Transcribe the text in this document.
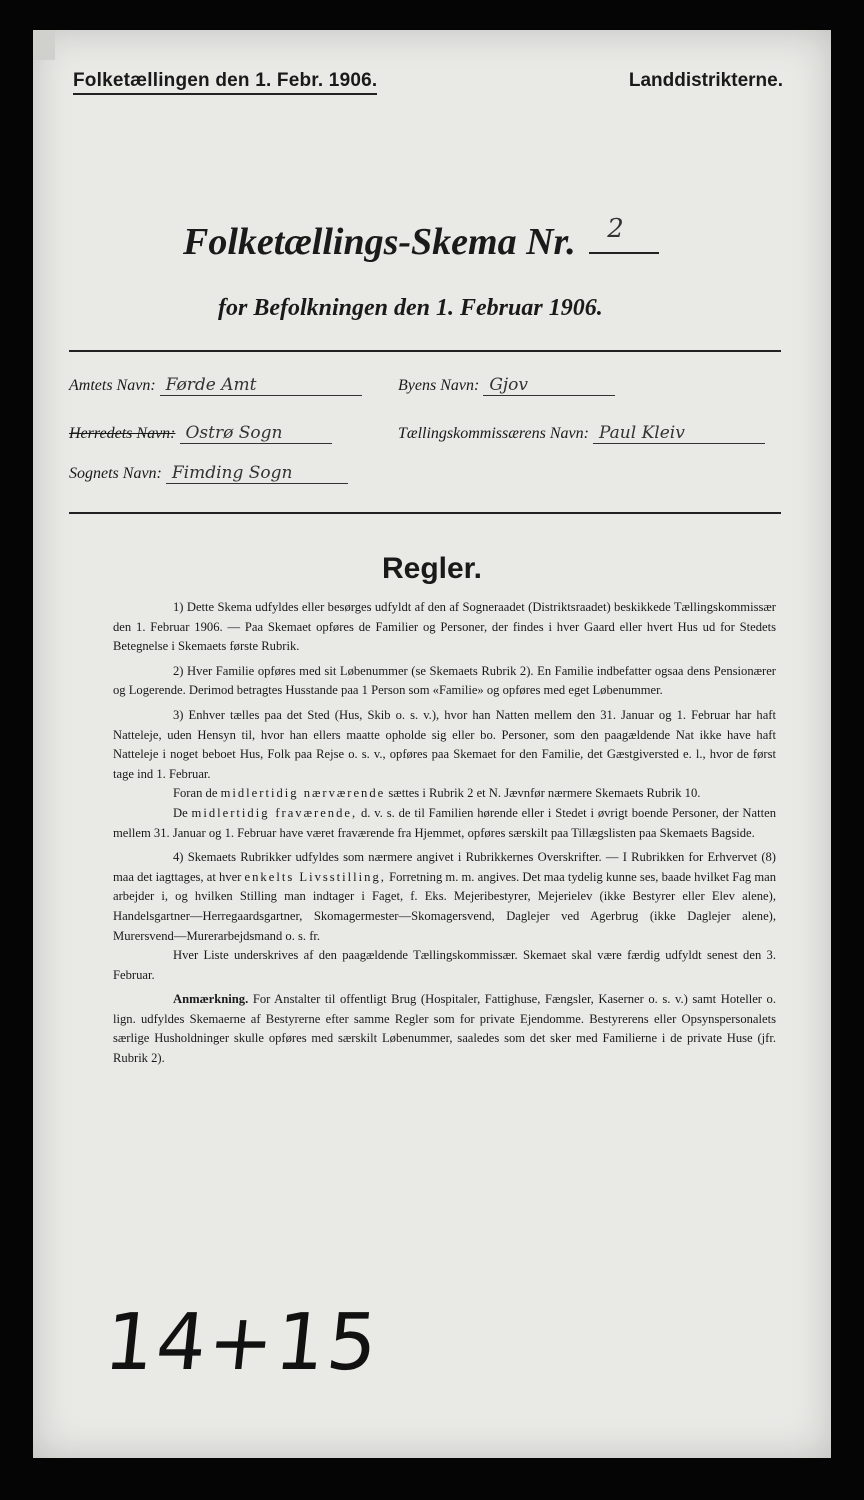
Folketællingen den 1. Febr. 1906.	Landdistrikterne.
Folketællings-Skema Nr. 2
for Befolkningen den 1. Februar 1906.
Amtets Navn: Førde Amt	Byens Navn: Gjov
Herredets Navn: Ostrø Sogn	Tællingskommissærens Navn: Paul Kleiv
Sognets Navn: Fimding Sogn
Regler.

1) Dette Skema udfyldes eller besørges udfyldt af den af Sogneraadet (Distriktsraadet) beskikkede Tællingskommissær den 1. Februar 1906. — Paa Skemaet opføres de Familier og Personer, der findes i hver Gaard eller hvert Hus ud for Stedets Betegnelse i Skemaets første Rubrik.

2) Hver Familie opføres med sit Løbenummer (se Skemaets Rubrik 2). En Familie indbefatter ogsaa dens Pensionærer og Logerende. Derimod betragtes Husstande paa 1 Person som «Familie» og opføres med eget Løbenummer.

3) Enhver tælles paa det Sted (Hus, Skib o. s. v.), hvor han Natten mellem den 31. Januar og 1. Februar har haft Natteleje, uden Hensyn til, hvor han ellers maatte opholde sig eller bo. Personer, som den paagældende Nat ikke have haft Natteleje i noget beboet Hus, Folk paa Rejse o. s. v., opføres paa Skemaet for den Familie, det Gæstgiversted e. l., hvor de først tage ind 1. Februar.

Foran de midlertidig nærværende sættes i Rubrik 2 et N. Jævnfør nærmere Skemaets Rubrik 10.

De midlertidig fraværende, d. v. s. de til Familien hørende eller i Stedet i øvrigt boende Personer, der Natten mellem 31. Januar og 1. Februar have været fraværende fra Hjemmet, opføres særskilt paa Tillægslisten paa Skemaets Bagside.

4) Skemaets Rubrikker udfyldes som nærmere angivet i Rubrikkernes Overskrifter. — I Rubrikken for Erhvervet (8) maa det iagttages, at hver enkelts Livsstilling, Forretning m. m. angives. Det maa tydelig kunne ses, baade hvilket Fag man arbejder i, og hvilken Stilling man indtager i Faget, f. Eks. Mejeribestyrer, Mejerielev (ikke Bestyrer eller Elev alene), Handelsgartner—Herregaardsgartner, Skomagermester—Skomagersvend, Daglejer ved Agerbrug (ikke Daglejer alene), Murersvend—Murerarbejdsmand o. s. fr.

Hver Liste underskrives af den paagældende Tællingskommissær. Skemaet skal være færdig udfyldt senest den 3. Februar.

Anmærkning. For Anstalter til offentligt Brug (Hospitaler, Fattighuse, Fængsler, Kaserner o. s. v.) samt Hoteller o. lign. udfyldes Skemaerne af Bestyrerne efter samme Regler som for private Ejendomme. Bestyrerens eller Opsynspersonalets særlige Husholdninger skulle opføres med særskilt Løbenummer, saaledes som det sker med Familierne i de private Huse (jfr. Rubrik 2).

14+15
